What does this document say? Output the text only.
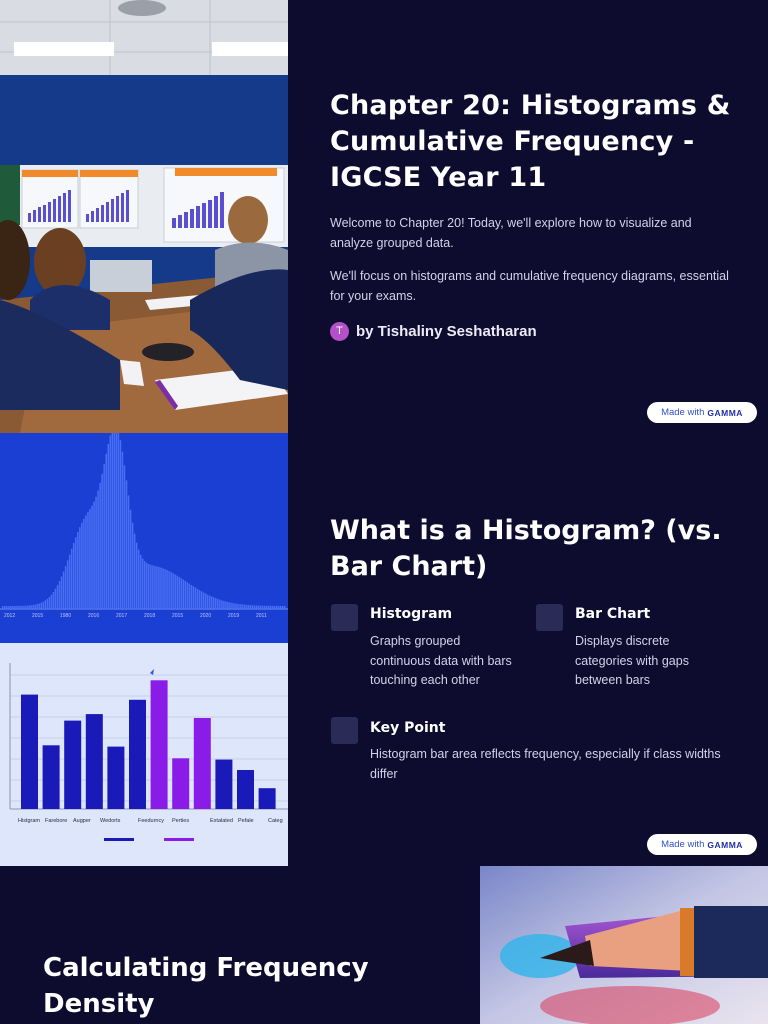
Chapter 20: Histograms & Cumulative Frequency - IGCSE Year 11

Welcome to Chapter 20! Today, we'll explore how to visualize and analyze grouped data.

We'll focus on histograms and cumulative frequency diagrams, essential for your exams.

T by Tishaliny Seshatharan
Made with GAMMA
2012	2015	1980	2016	2017	2018	2015	2020	2019	2011
Histgram Farebore Augper Wedorts	Feedurncy Perties	Extalated Pefale	Categ
What is a Histogram? (vs. Bar Chart)
Histogram
Graphs grouped continuous data with bars touching each other
Bar Chart
Displays discrete categories with gaps between bars
Key Point
Histogram bar area reflects frequency, especially if class widths differ
Made with GAMMA
Calculating Frequency Density
